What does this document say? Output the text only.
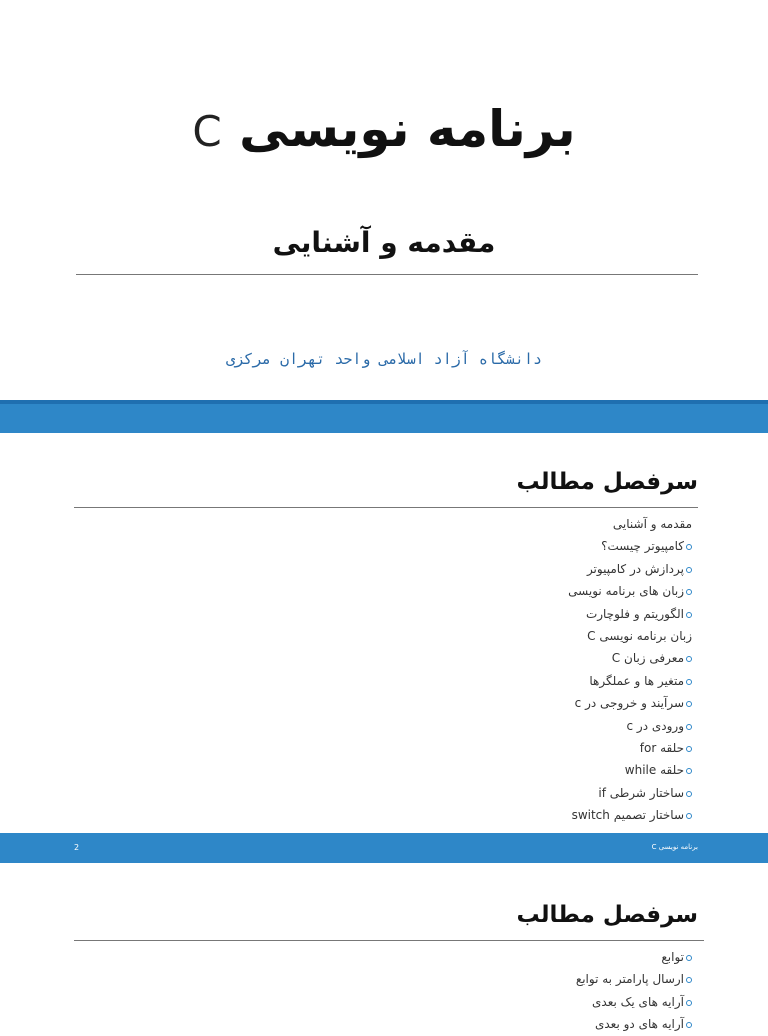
برنامه نویسی C
مقدمه و آشنایی
دانشگاه آزاد اسلامی واحد تهران مرکزی
سرفصل مطالب
مقدمه و آشنایی
کامپیوتر چیست؟
پردازش در کامپیوتر
زبان های برنامه نویسی
الگوریتم و فلوچارت
زبان برنامه نویسی C
معرفی زبان C
متغیر ها و عملگرها
سرآیند و خروجی در c
ورودی در c
حلقه for
حلقه while
ساختار شرطی if
ساختار تصمیم switch
2	برنامه نویسی C
سرفصل مطالب
توابع
ارسال پارامتر به توابع
آرایه های یک بعدی
آرایه های دو بعدی
